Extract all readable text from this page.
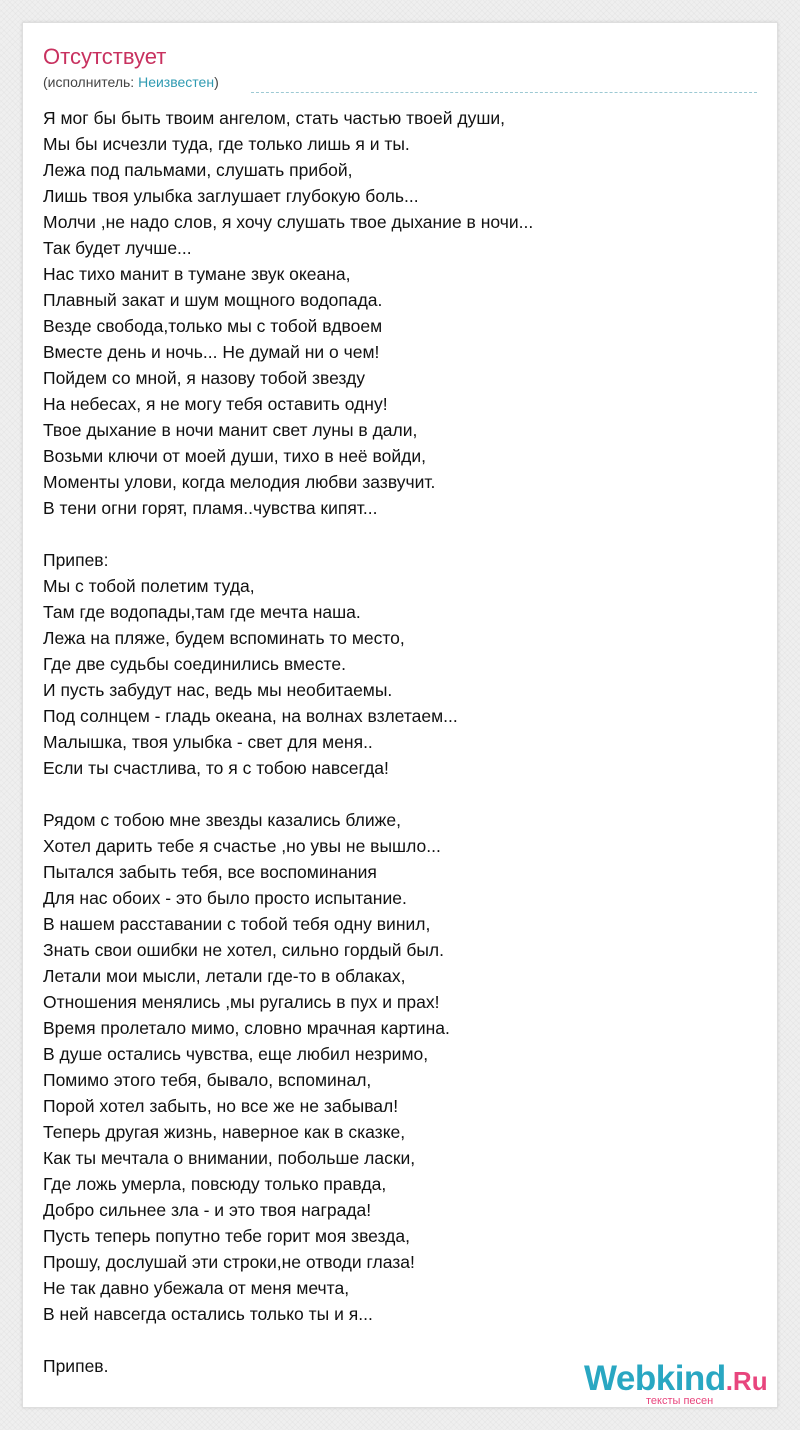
Отсутствует
(исполнитель: Неизвестен)
Я мог бы быть твоим ангелом, стать частью твоей души,
Мы бы исчезли туда, где только лишь я и ты.
Лежа под пальмами, слушать прибой,
Лишь твоя улыбка заглушает глубокую боль...
Молчи ,не надо слов, я хочу слушать твое дыхание в ночи...
Так будет лучше...
Нас тихо манит в тумане звук океана,
Плавный закат и шум мощного водопада.
Везде свобода,только мы с тобой вдвоем
Вместе день и ночь... Не думай ни о чем!
Пойдем со мной, я назову тобой звезду
На небесах, я не могу тебя оставить одну!
Твое дыхание в ночи манит свет луны в дали,
Возьми ключи от моей души, тихо в неё войди,
Моменты улови, когда мелодия любви зазвучит.
В тени огни горят, пламя..чувства кипят...

Припев:
Мы с тобой полетим туда,
Там где водопады,там где мечта наша.
Лежа на пляже, будем вспоминать то место,
Где две судьбы соединились вместе.
И пусть забудут нас, ведь мы необитаемы.
Под солнцем - гладь океана, на волнах взлетаем...
Малышка, твоя улыбка - свет для меня..
Если ты счастлива, то я с тобою навсегда!

Рядом с тобою мне звезды казались ближе,
Хотел дарить тебе я счастье ,но увы не вышло...
Пытался забыть тебя, все воспоминания
Для нас обоих - это было просто испытание.
В нашем расставании с тобой тебя одну винил,
Знать свои ошибки не хотел, сильно гордый был.
Летали мои мысли, летали где-то в облаках,
Отношения менялись ,мы ругались в пух и прах!
Время пролетало мимо, словно мрачная картина.
В душе остались чувства, еще любил незримо,
Помимо этого тебя, бывало, вспоминал,
Порой хотел забыть, но все же не забывал!
Теперь другая жизнь, наверное как в сказке,
Как ты мечтала о внимании, побольше ласки,
Где ложь умерла, повсюду только правда,
Добро сильнее зла - и это твоя награда!
Пусть теперь попутно тебе горит моя звезда,
Прошу, дослушай эти строки,не отводи глаза!
Не так давно убежала от меня мечта,
В ней навсегда остались только ты и я...

Припев.	Webkind.Ru
тексты песен
